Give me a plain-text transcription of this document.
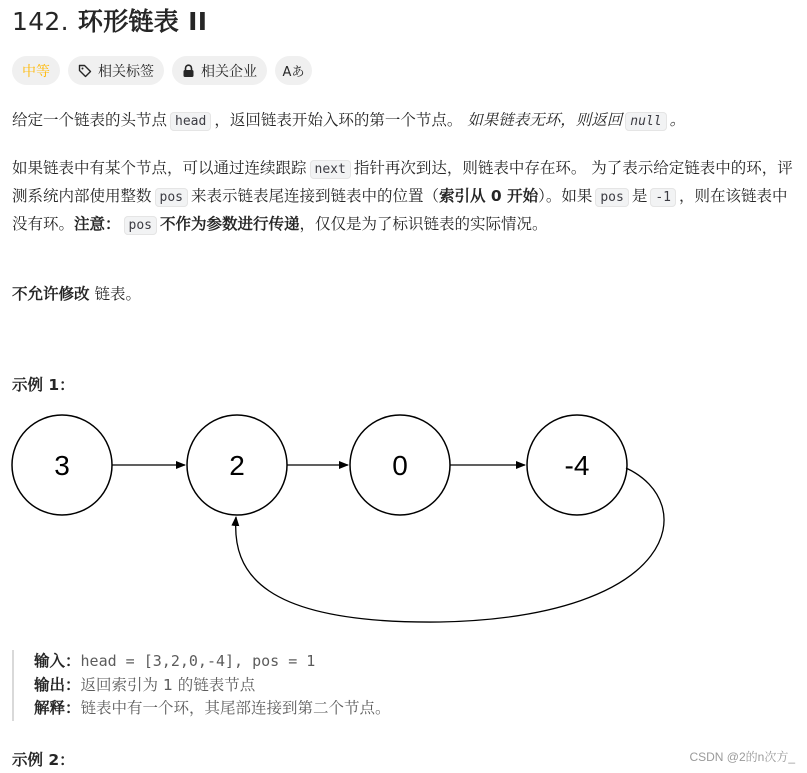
142. 环形链表 II
中等	相关标签	相关企业 Aあ
给定一个链表的头节点 head ，返回链表开始入环的第一个节点。 如果链表无环，则返回 null 。
如果链表中有某个节点，可以通过连续跟踪 next 指针再次到达，则链表中存在环。 为了表示给定链表中的环，评测系统内部使用整数 pos 来表示链表尾连接到链表中的位置（索引从 0 开始）。如果 pos 是 -1 ，则在该链表中没有环。注意： pos 不作为参数进行传递，仅仅是为了标识链表的实际情况。
不允许修改 链表。
示例 1：
3	2	0	-4
输入：head = [3,2,0,-4], pos = 1
输出：返回索引为 1 的链表节点
解释：链表中有一个环，其尾部连接到第二个节点。
示例 2：	CSDN @2的n次方_
